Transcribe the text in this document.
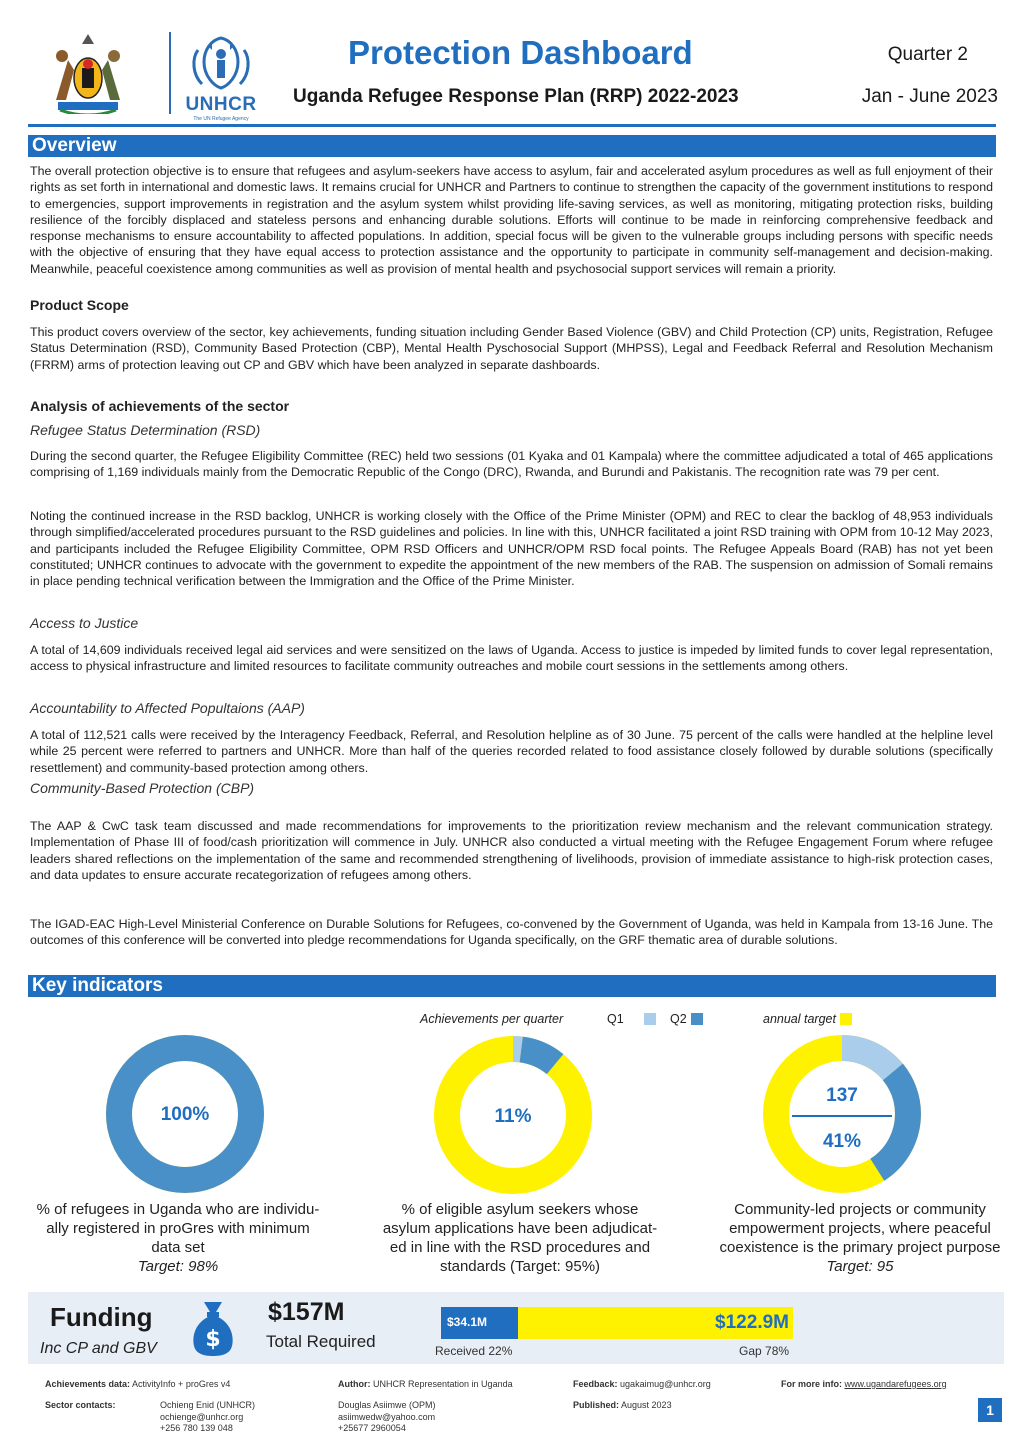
UNHCR
The UN Refugee Agency
Protection Dashboard
Uganda Refugee Response Plan (RRP) 2022-2023
Quarter 2
Jan - June 2023
Overview
The overall protection objective is to ensure that refugees and asylum-seekers have access to asylum, fair and accelerated asylum procedures as well as full enjoyment of their rights as set forth in international and domestic laws. It remains crucial for UNHCR and Partners to continue to strengthen the capacity of the government institutions to respond to emergencies, support improvements in registration and the asylum system whilst providing life-saving services, as well as monitoring, mitigating protection risks, building resilience of the forcibly displaced and stateless persons and enhancing durable solutions. Efforts will continue to be made in reinforcing comprehensive feedback and response mechanisms to ensure accountability to affected populations. In addition, special focus will be given to the vulnerable groups including persons with specific needs with the objective of ensuring that they have equal access to protection assistance and the opportunity to participate in community self-management and decision-making. Meanwhile, peaceful coexistence among communities as well as provision of mental health and psychosocial support services will remain a priority.
Product Scope
This product covers overview of the sector, key achievements, funding situation including Gender Based Violence (GBV) and Child Protection (CP) units, Registration, Refugee Status Determination (RSD), Community Based Protection (CBP), Mental Health Pyschosocial Support (MHPSS), Legal and Feedback Referral and Resolution Mechanism (FRRM) arms of protection leaving out CP and GBV which have been analyzed in separate dashboards.
Analysis of achievements of the sector
Refugee Status Determination (RSD)
During the second quarter, the Refugee Eligibility Committee (REC) held two sessions (01 Kyaka and 01 Kampala) where the committee adjudicated a total of 465 applications comprising of 1,169 individuals mainly from the Democratic Republic of the Congo (DRC), Rwanda, and Burundi and Pakistanis. The recognition rate was 79 per cent.
Noting the continued increase in the RSD backlog, UNHCR is working closely with the Office of the Prime Minister (OPM) and REC to clear the backlog of 48,953 individuals through simplified/accelerated procedures pursuant to the RSD guidelines and policies. In line with this, UNHCR facilitated a joint RSD training with OPM from 10-12 May 2023, and participants included the Refugee Eligibility Committee, OPM RSD Officers and UNHCR/OPM RSD focal points. The Refugee Appeals Board (RAB) has not yet been constituted; UNHCR continues to advocate with the government to expedite the appointment of the new members of the RAB. The suspension on admission of Somali remains in place pending technical verification between the Immigration and the Office of the Prime Minister.
Access to Justice
A total of 14,609 individuals received legal aid services and were sensitized on the laws of Uganda. Access to justice is impeded by limited funds to cover legal representation, access to physical infrastructure and limited resources to facilitate community outreaches and mobile court sessions in the settlements among others.
Accountability to Affected Popultaions (AAP)
A total of 112,521 calls were received by the Interagency Feedback, Referral, and Resolution helpline as of 30 June. 75 percent of the calls were handled at the helpline level while 25 percent were referred to partners and UNHCR. More than half of the queries recorded related to food assistance closely followed by durable solutions (specifically resettlement) and community-based protection among others.
Community-Based Protection (CBP)
The AAP & CwC task team discussed and made recommendations for improvements to the prioritization review mechanism and the relevant communication strategy. Implementation of Phase III of food/cash prioritization will commence in July. UNHCR also conducted a virtual meeting with the Refugee Engagement Forum where refugee leaders shared reflections on the implementation of the same and recommended strengthening of livelihoods, provision of immediate assistance to high-risk protection cases, and data updates to ensure accurate recategorization of refugees among others.
The IGAD-EAC High-Level Ministerial Conference on Durable Solutions for Refugees, co-convened by the Government of Uganda, was held in Kampala from 13-16 June. The outcomes of this conference will be converted into pledge recommendations for Uganda specifically, on the GRF thematic area of durable solutions.
Key indicators
Achievements per quarter	Q1	Q2	annual target
100%	11%
137
41%
% of refugees in Uganda who are individu-
ally registered in proGres with minimum
data set
Target: 98%
% of eligible asylum seekers whose
asylum applications have been adjudicat-
ed in line with the RSD procedures and
standards (Target: 95%)
Community-led projects or community
empowerment projects, where peaceful
coexistence is the primary project purpose
Target: 95
Funding
Inc CP and GBV $
$157M
Total Required
$34.1M	$122.9M
Received 22%	Gap 78%
Achievements data: ActivityInfo + proGres v4	Author: UNHCR Representation in Uganda	Feedback: ugakaimug@unhcr.org	For more info: www.ugandarefugees.org
Sector contacts:	Ochieng Enid (UNHCR)
ochienge@unhcr.org
+256 780 139 048
Douglas Asiimwe (OPM)
asiimwedw@yahoo.com
+25677 2960054
Published: August 2023	1
